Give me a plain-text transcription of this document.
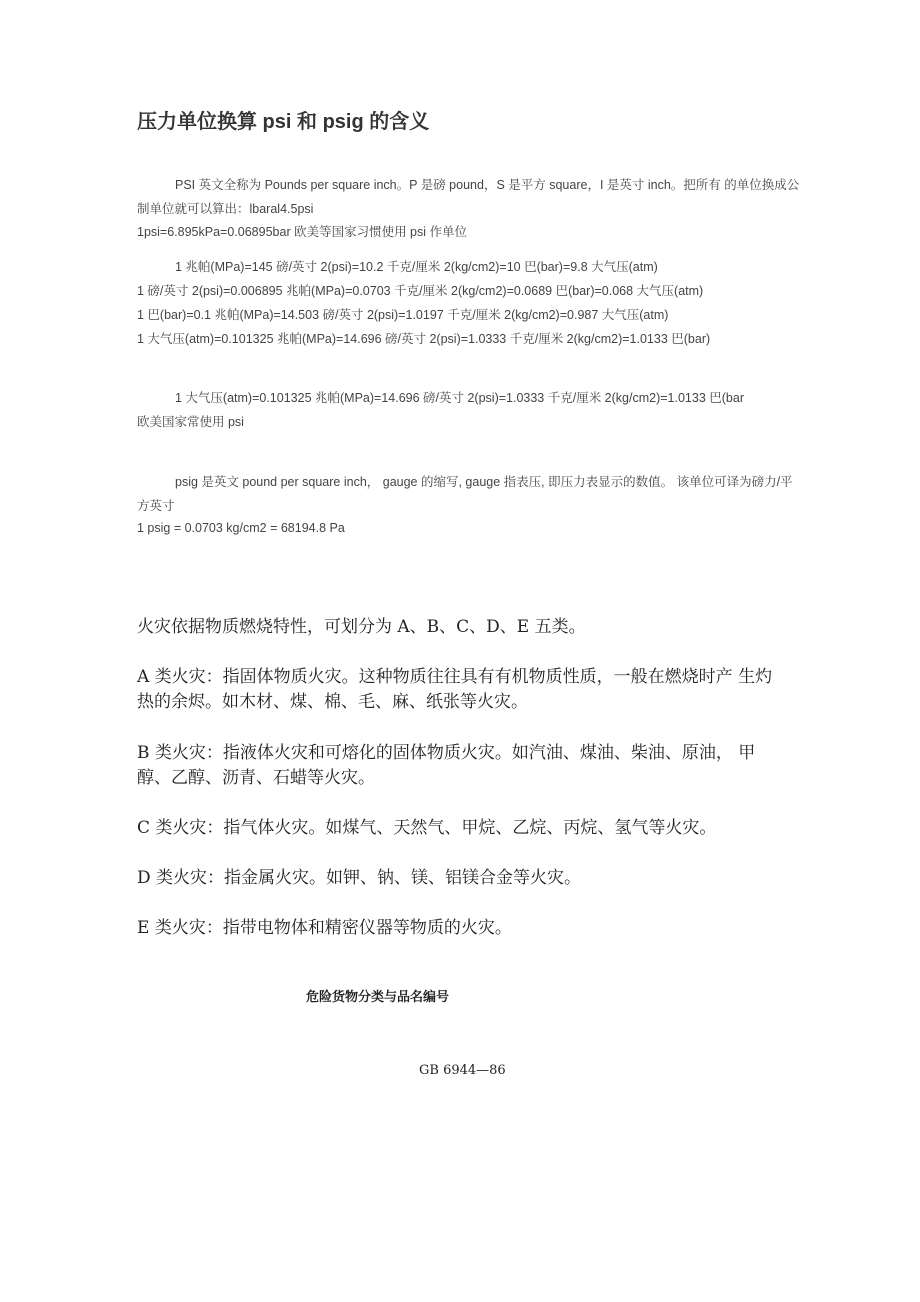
压力单位换算 psi 和 psig 的含义
PSI 英文全称为 Pounds per square inch。P 是磅 pound，S 是平方 square，I 是英寸 inch。把所有 的单位换成公
制单位就可以算出：lbaral4.5psi
1psi=6.895kPa=0.06895bar 欧美等国家习惯使用 psi 作单位
1 兆帕(MPa)=145 磅/英寸 2(psi)=10.2 千克/厘米 2(kg/cm2)=10 巴(bar)=9.8 大气压(atm)
1 磅/英寸 2(psi)=0.006895 兆帕(MPa)=0.0703 千克/厘米 2(kg/cm2)=0.0689 巴(bar)=0.068 大气压(atm)
1 巴(bar)=0.1 兆帕(MPa)=14.503 磅/英寸 2(psi)=1.0197 千克/厘米 2(kg/cm2)=0.987 大气压(atm)
1 大气压(atm)=0.101325 兆帕(MPa)=14.696 磅/英寸 2(psi)=1.0333 千克/厘米 2(kg/cm2)=1.0133 巴(bar)
1 大气压(atm)=0.101325 兆帕(MPa)=14.696 磅/英寸 2(psi)=1.0333 千克/厘米 2(kg/cm2)=1.0133 巴(bar
欧美国家常使用 psi
psig 是英文 pound per square inch， gauge 的缩写, gauge 指表压, 即压力表显示的数值。 该单位可译为磅力/平
方英寸
1 psig = 0.0703 kg/cm2 = 68194.8 Pa
火灾依据物质燃烧特性，可划分为 A、B、C、D、E 五类。
A 类火灾：指固体物质火灾。这种物质往往具有有机物质性质，一般在燃烧时产 生灼
热的余烬。如木材、煤、棉、毛、麻、纸张等火灾。
B 类火灾：指液体火灾和可熔化的固体物质火灾。如汽油、煤油、柴油、原油， 甲
醇、乙醇、沥青、石蜡等火灾。
C 类火灾：指气体火灾。如煤气、天然气、甲烷、乙烷、丙烷、氢气等火灾。
D 类火灾：指金属火灾。如钾、钠、镁、铝镁合金等火灾。
E 类火灾：指带电物体和精密仪器等物质的火灾。
危险货物分类与品名编号
GB 6944—86
